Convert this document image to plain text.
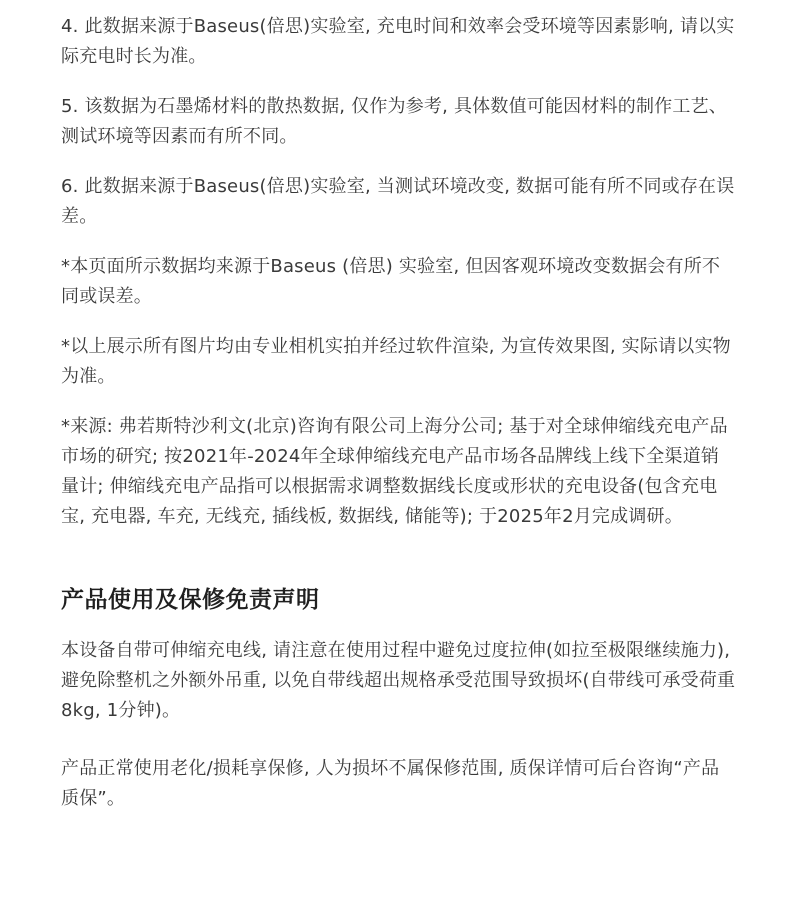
4. 此数据来源于Baseus(倍思)实验室, 充电时间和效率会受环境等因素影响, 请以实际充电时长为准。

5. 该数据为石墨烯材料的散热数据, 仅作为参考, 具体数值可能因材料的制作工艺、测试环境等因素而有所不同。

6. 此数据来源于Baseus(倍思)实验室, 当测试环境改变, 数据可能有所不同或存在误差。

*本页面所示数据均来源于Baseus (倍思) 实验室, 但因客观环境改变数据会有所不同或误差。

*以上展示所有图片均由专业相机实拍并经过软件渲染, 为宣传效果图, 实际请以实物为准。

*来源: 弗若斯特沙利文(北京)咨询有限公司上海分公司; 基于对全球伸缩线充电产品市场的研究; 按2021年-2024年全球伸缩线充电产品市场各品牌线上线下全渠道销量计; 伸缩线充电产品指可以根据需求调整数据线长度或形状的充电设备(包含充电宝, 充电器, 车充, 无线充, 插线板, 数据线, 储能等); 于2025年2月完成调研。

产品使用及保修免责声明

本设备自带可伸缩充电线, 请注意在使用过程中避免过度拉伸(如拉至极限继续施力), 避免除整机之外额外吊重, 以免自带线超出规格承受范围导致损坏(自带线可承受荷重8kg, 1分钟)。

产品正常使用老化/损耗享保修, 人为损坏不属保修范围, 质保详情可后台咨询“产品质保”。
